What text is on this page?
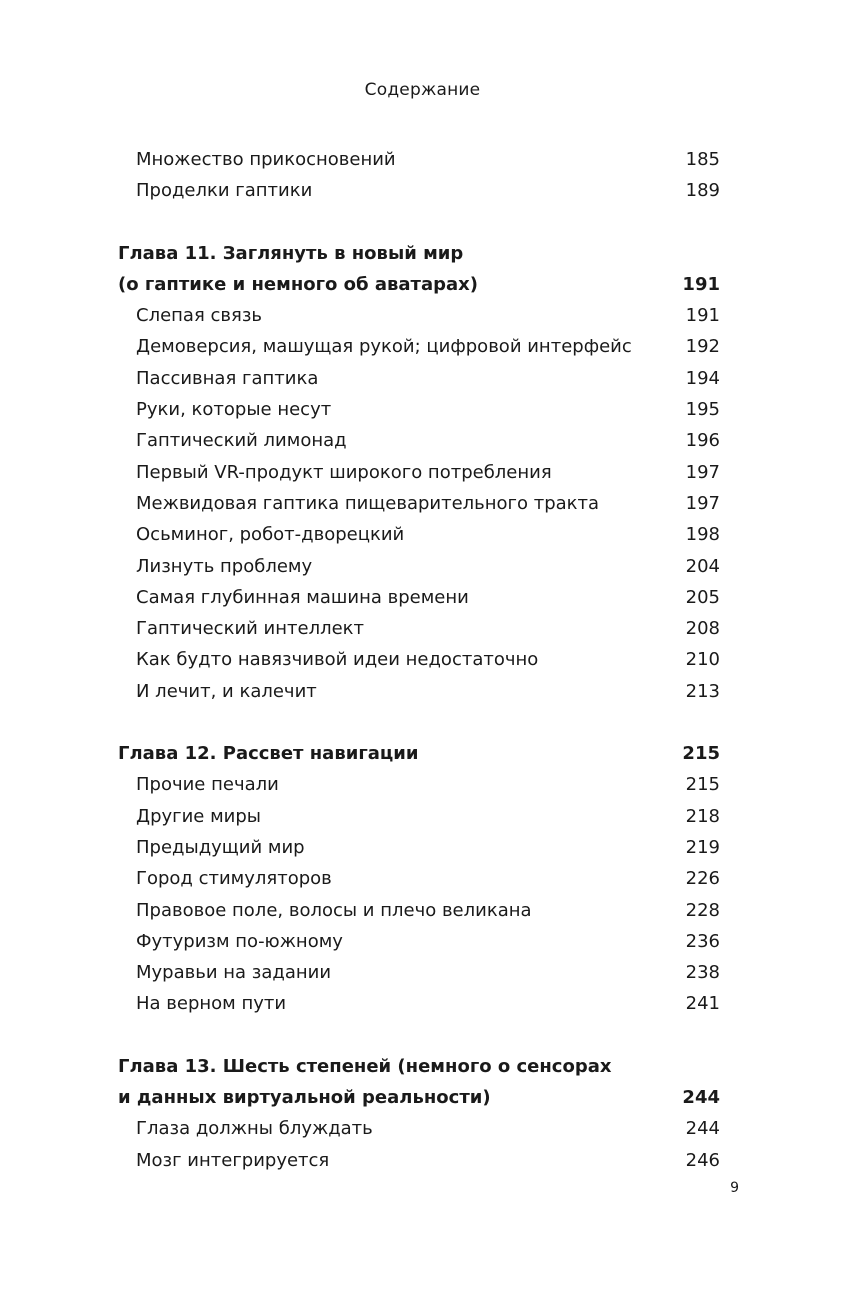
Содержание
Множество прикосновений	185
Проделки гаптики	189
Глава 11. Заглянуть в новый мир
(о гаптике и немного об аватарах)	191
Слепая связь	191
Демоверсия, машущая рукой; цифровой интерфейс	192
Пассивная гаптика	194
Руки, которые несут	195
Гаптический лимонад	196
Первый VR-продукт широкого потребления	197
Межвидовая гаптика пищеварительного тракта	197
Осьминог, робот-дворецкий	198
Лизнуть проблему	204
Самая глубинная машина времени	205
Гаптический интеллект	208
Как будто навязчивой идеи недостаточно	210
И лечит, и калечит	213
Глава 12. Рассвет навигации	215
Прочие печали	215
Другие миры	218
Предыдущий мир	219
Город стимуляторов	226
Правовое поле, волосы и плечо великана	228
Футуризм по-южному	236
Муравьи на задании	238
На верном пути	241
Глава 13. Шесть степеней (немного о сенсорах
и данных виртуальной реальности)	244
Глаза должны блуждать	244
Мозг интегрируется	246
9
